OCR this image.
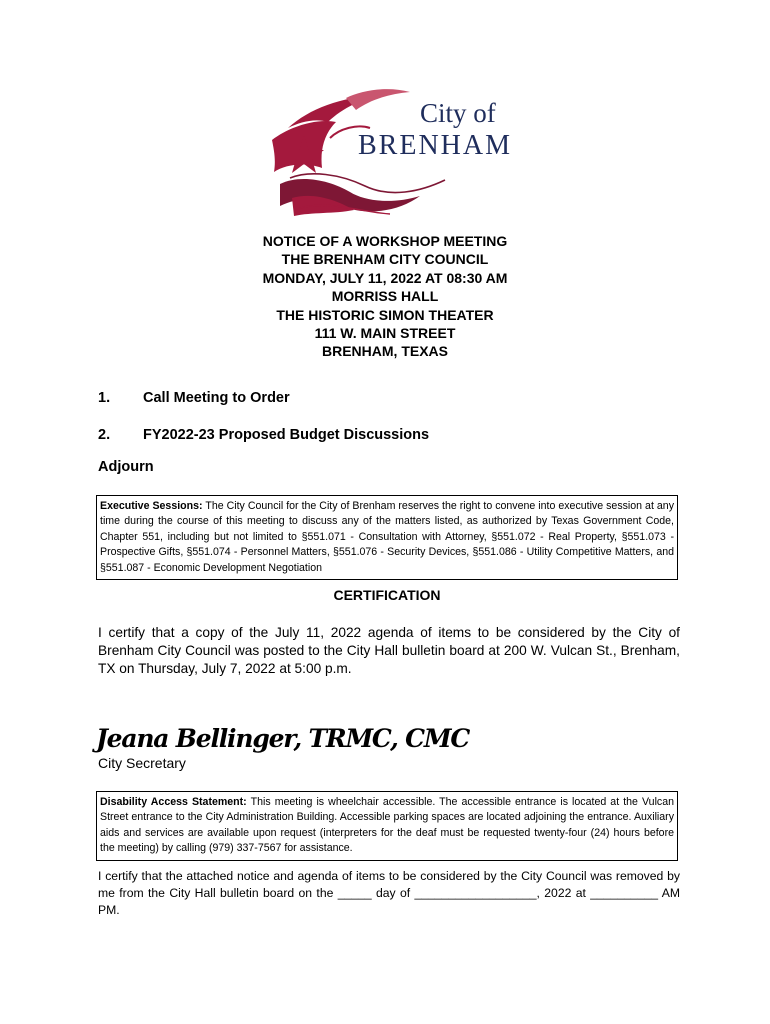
City of
BRENHAM
NOTICE OF A WORKSHOP MEETING
THE BRENHAM CITY COUNCIL
MONDAY, JULY 11, 2022 AT 08:30 AM
MORRISS HALL
THE HISTORIC SIMON THEATER
111 W. MAIN STREET
BRENHAM, TEXAS
1. Call Meeting to Order
2. FY2022-23 Proposed Budget Discussions
Adjourn
Executive Sessions: The City Council for the City of Brenham reserves the right to convene into executive session at any time during the course of this meeting to discuss any of the matters listed, as authorized by Texas Government Code, Chapter 551, including but not limited to §551.071 - Consultation with Attorney, §551.072 - Real Property, §551.073 - Prospective Gifts, §551.074 - Personnel Matters, §551.076 - Security Devices, §551.086 - Utility Competitive Matters, and §551.087 - Economic Development Negotiation
CERTIFICATION
I certify that a copy of the July 11, 2022 agenda of items to be considered by the City of Brenham City Council was posted to the City Hall bulletin board at 200 W. Vulcan St., Brenham, TX on Thursday, July 7, 2022 at 5:00 p.m.
Jeana Bellinger, TRMC, CMC
City Secretary
Disability Access Statement: This meeting is wheelchair accessible. The accessible entrance is located at the Vulcan Street entrance to the City Administration Building. Accessible parking spaces are located adjoining the entrance. Auxiliary aids and services are available upon request (interpreters for the deaf must be requested twenty-four (24) hours before the meeting) by calling (979) 337-7567 for assistance.
I certify that the attached notice and agenda of items to be considered by the City Council was removed by me from the City Hall bulletin board on the _____ day of __________________, 2022 at __________ AM PM.
